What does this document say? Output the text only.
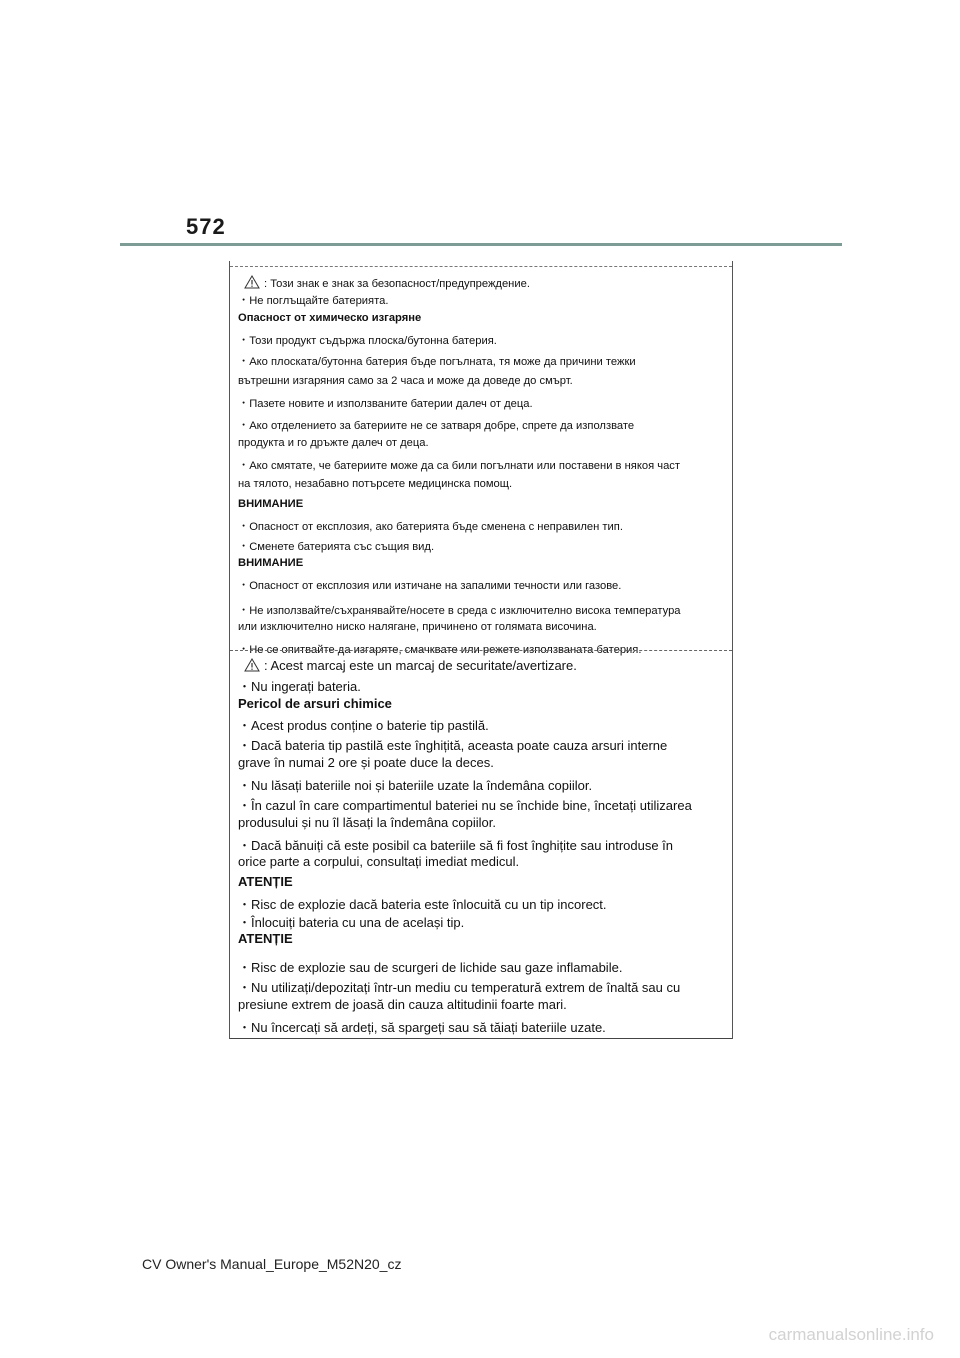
572
: Този знак е знак за безопасност/предупреждение.
・Не поглъщайте батерията.
Опасност от химическо изгаряне
・Този продукт съдържа плоска/бутонна батерия.
・Ако плоската/бутонна батерия бъде погълната, тя може да причини тежки
вътрешни изгаряния само за 2 часа и може да доведе до смърт.
・Пазете новите и използваните батерии далеч от деца.
・Ако отделението за батериите не се затваря добре, спрете да използвате
продукта и го дръжте далеч от деца.
・Ако смятате, че батериите може да са били погълнати или поставени в някоя част
на тялото, незабавно потърсете медицинска помощ.
ВНИМАНИЕ
・Опасност от експлозия, ако батерията бъде сменена с неправилен тип.
・Сменете батерията със същия вид.
ВНИМАНИЕ
・Опасност от експлозия или изтичане на запалими течности или газове.
・Не използвайте/съхранявайте/носете в среда с изключително висока температура
или изключително ниско налягане, причинено от голямата височина.
・Не се опитвайте да изгаряте, смачквате или режете използваната батерия.
: Acest marcaj este un marcaj de securitate/avertizare.
・Nu ingerați bateria.
Pericol de arsuri chimice
・Acest produs conține o baterie tip pastilă.
・Dacă bateria tip pastilă este înghițită, aceasta poate cauza arsuri interne
grave în numai 2 ore și poate duce la deces.
・Nu lăsați bateriile noi și bateriile uzate la îndemâna copiilor.
・În cazul în care compartimentul bateriei nu se închide bine, încetați utilizarea
produsului și nu îl lăsați la îndemâna copiilor.
・Dacă bănuiți că este posibil ca bateriile să fi fost înghițite sau introduse în
orice parte a corpului, consultați imediat medicul.
ATENȚIE
・Risc de explozie dacă bateria este înlocuită cu un tip incorect.
・Înlocuiți bateria cu una de același tip.
ATENȚIE
・Risc de explozie sau de scurgeri de lichide sau gaze inflamabile.
・Nu utilizați/depozitați într-un mediu cu temperatură extrem de înaltă sau cu
presiune extrem de joasă din cauza altitudinii foarte mari.
・Nu încercați să ardeți, să spargeți sau să tăiați bateriile uzate.
CV Owner's Manual_Europe_M52N20_cz
carmanualsonline.info
